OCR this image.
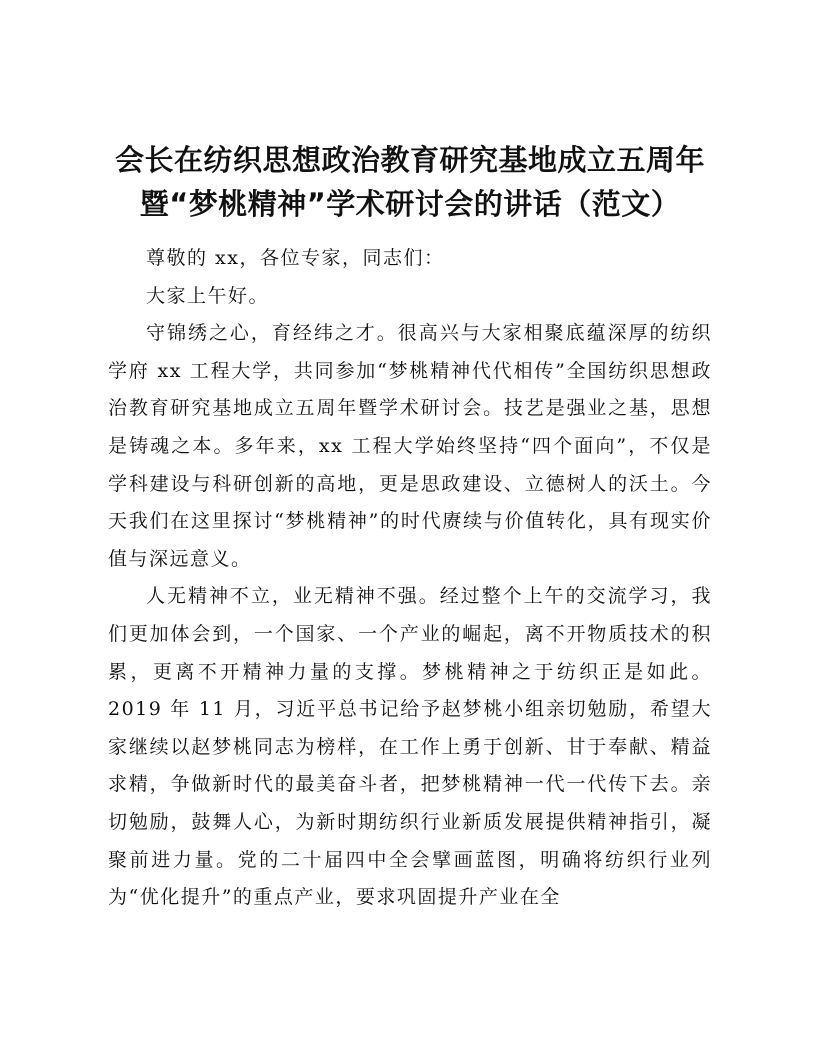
会长在纺织思想政治教育研究基地成立五周年
暨“梦桃精神”学术研讨会的讲话（范文）

尊敬的 xx，各位专家，同志们：

大家上午好。

守锦绣之心，育经纬之才。很高兴与大家相聚底蕴深厚的纺织学府 xx 工程大学，共同参加“梦桃精神代代相传”全国纺织思想政治教育研究基地成立五周年暨学术研讨会。技艺是强业之基，思想是铸魂之本。多年来，xx 工程大学始终坚持“四个面向”，不仅是学科建设与科研创新的高地，更是思政建设、立德树人的沃土。今天我们在这里探讨“梦桃精神”的时代赓续与价值转化，具有现实价值与深远意义。

人无精神不立，业无精神不强。经过整个上午的交流学习，我们更加体会到，一个国家、一个产业的崛起，离不开物质技术的积累，更离不开精神力量的支撑。梦桃精神之于纺织正是如此。2019 年 11 月，习近平总书记给予赵梦桃小组亲切勉励，希望大家继续以赵梦桃同志为榜样，在工作上勇于创新、甘于奉献、精益求精，争做新时代的最美奋斗者，把梦桃精神一代一代传下去。亲切勉励，鼓舞人心，为新时期纺织行业新质发展提供精神指引，凝聚前进力量。党的二十届四中全会擘画蓝图，明确将纺织行业列为“优化提升”的重点产业，要求巩固提升产业在全
